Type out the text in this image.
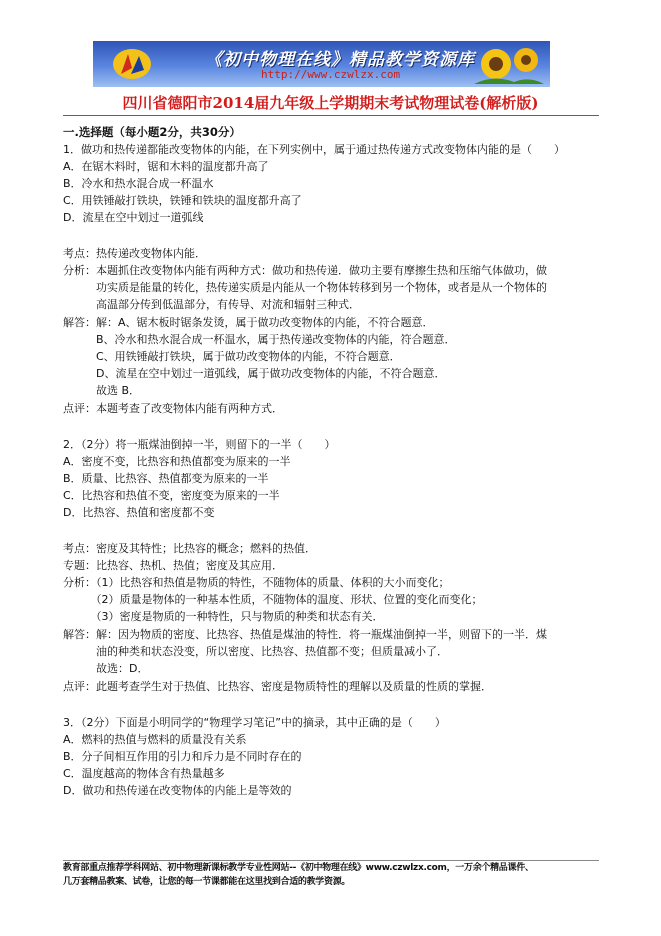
《初中物理在线》精品教学资源库
http://www.czwlzx.com
四川省德阳市2014届九年级上学期期末考试物理试卷(解析版)
一.选择题（每小题2分，共30分）
1．做功和热传递都能改变物体的内能，在下列实例中，属于通过热传递方式改变物体内能的是（　　）
A．在锯木料时，锯和木料的温度都升高了
B．冷水和热水混合成一杯温水
C．用铁锤敲打铁块，铁锤和铁块的温度都升高了
D．流星在空中划过一道弧线
考点：热传递改变物体内能．
分析：本题抓住改变物体内能有两种方式：做功和热传递．做功主要有摩擦生热和压缩气体做功，做
　　　功实质是能量的转化，热传递实质是内能从一个物体转移到另一个物体，或者是从一个物体的
　　　高温部分传到低温部分，有传导、对流和辐射三种式．
解答：解：A、锯木板时锯条发烫，属于做功改变物体的内能，不符合题意．
　　　B、冷水和热水混合成一杯温水，属于热传递改变物体的内能，符合题意．
　　　C、用铁锤敲打铁块，属于做功改变物体的内能，不符合题意．
　　　D、流星在空中划过一道弧线，属于做功改变物体的内能，不符合题意．
　　　故选 B．
点评：本题考查了改变物体内能有两种方式．
2．（2分）将一瓶煤油倒掉一半，则留下的一半（　　）
A．密度不变，比热容和热值都变为原来的一半
B．质量、比热容、热值都变为原来的一半
C．比热容和热值不变，密度变为原来的一半
D．比热容、热值和密度都不变
考点：密度及其特性；比热容的概念；燃料的热值．
专题：比热容、热机、热值；密度及其应用．
分析：（1）比热容和热值是物质的特性，不随物体的质量、体积的大小而变化；
　　　（2）质量是物体的一种基本性质，不随物体的温度、形状、位置的变化而变化；
　　　（3）密度是物质的一种特性，只与物质的种类和状态有关．
解答：解：因为物质的密度、比热容、热值是煤油的特性．将一瓶煤油倒掉一半，则留下的一半．煤
　　　油的种类和状态没变，所以密度、比热容、热值都不变；但质量减小了．
　　　故选：D．
点评：此题考查学生对于热值、比热容、密度是物质特性的理解以及质量的性质的掌握．
3．（2分）下面是小明同学的“物理学习笔记”中的摘录，其中正确的是（　　）
A．燃料的热值与燃料的质量没有关系
B．分子间相互作用的引力和斥力是不同时存在的
C．温度越高的物体含有热量越多
D．做功和热传递在改变物体的内能上是等效的
教育部重点推荐学科网站、初中物理新课标教学专业性网站--《初中物理在线》www.czwlzx.com，一万余个精品课件、
几万套精品教案、试卷，让您的每一节课都能在这里找到合适的教学资源。
